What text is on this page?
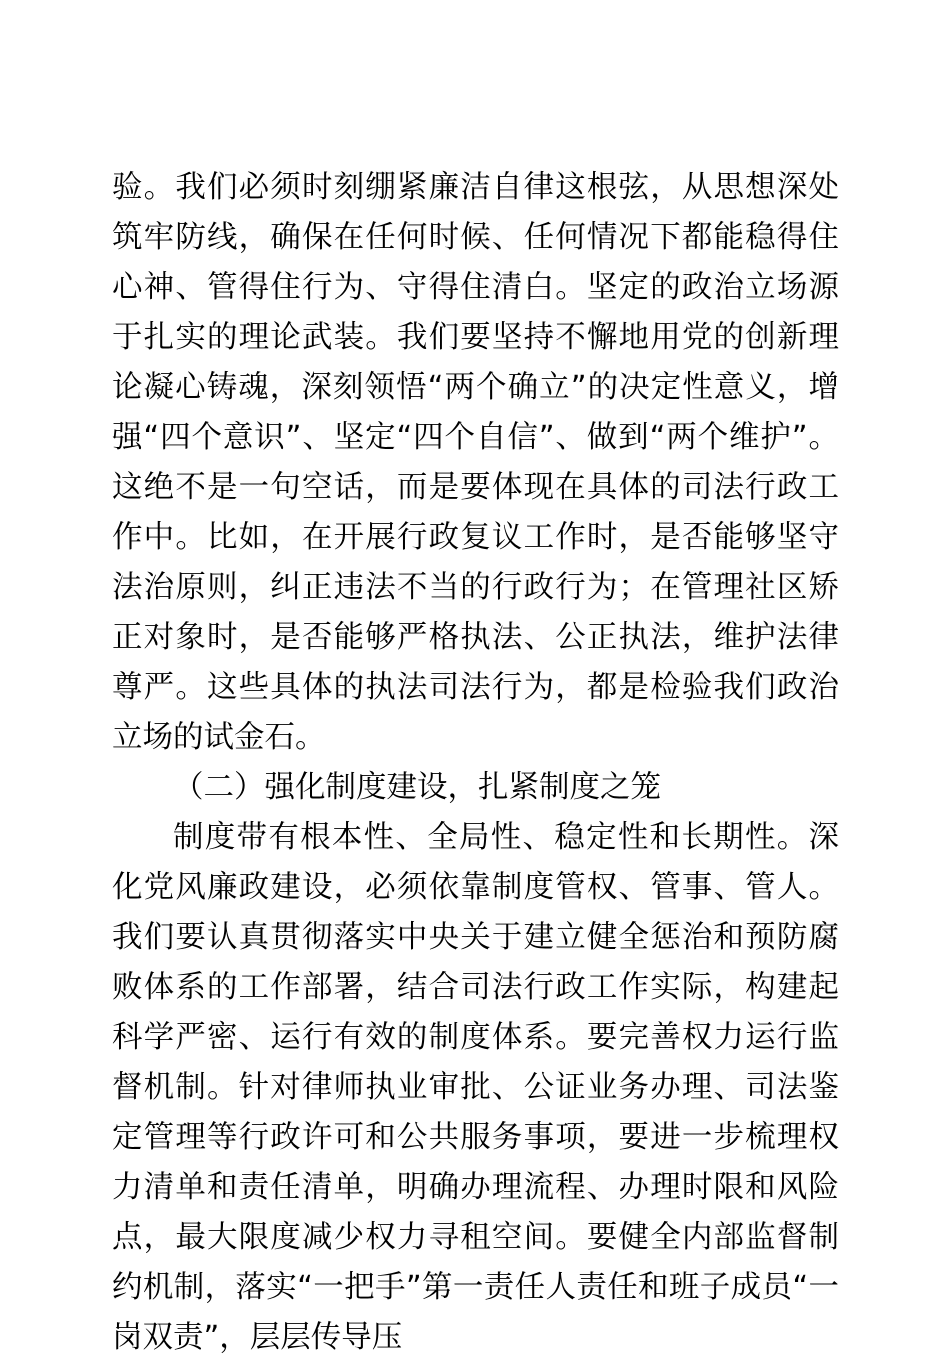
验。我们必须时刻绷紧廉洁自律这根弦，从思想深处筑牢防线，确保在任何时候、任何情况下都能稳得住心神、管得住行为、守得住清白。坚定的政治立场源于扎实的理论武装。我们要坚持不懈地用党的创新理论凝心铸魂，深刻领悟“两个确立”的决定性意义，增强“四个意识”、坚定“四个自信”、做到“两个维护”。这绝不是一句空话，而是要体现在具体的司法行政工作中。比如，在开展行政复议工作时，是否能够坚守法治原则，纠正违法不当的行政行为；在管理社区矫正对象时，是否能够严格执法、公正执法，维护法律尊严。这些具体的执法司法行为，都是检验我们政治立场的试金石。

（二）强化制度建设，扎紧制度之笼

制度带有根本性、全局性、稳定性和长期性。深化党风廉政建设，必须依靠制度管权、管事、管人。我们要认真贯彻落实中央关于建立健全惩治和预防腐败体系的工作部署，结合司法行政工作实际，构建起科学严密、运行有效的制度体系。要完善权力运行监督机制。针对律师执业审批、公证业务办理、司法鉴定管理等行政许可和公共服务事项，要进一步梳理权力清单和责任清单，明确办理流程、办理时限和风险点，最大限度减少权力寻租空间。要健全内部监督制约机制，落实“一把手”第一责任人责任和班子成员“一岗双责”，层层传导压
